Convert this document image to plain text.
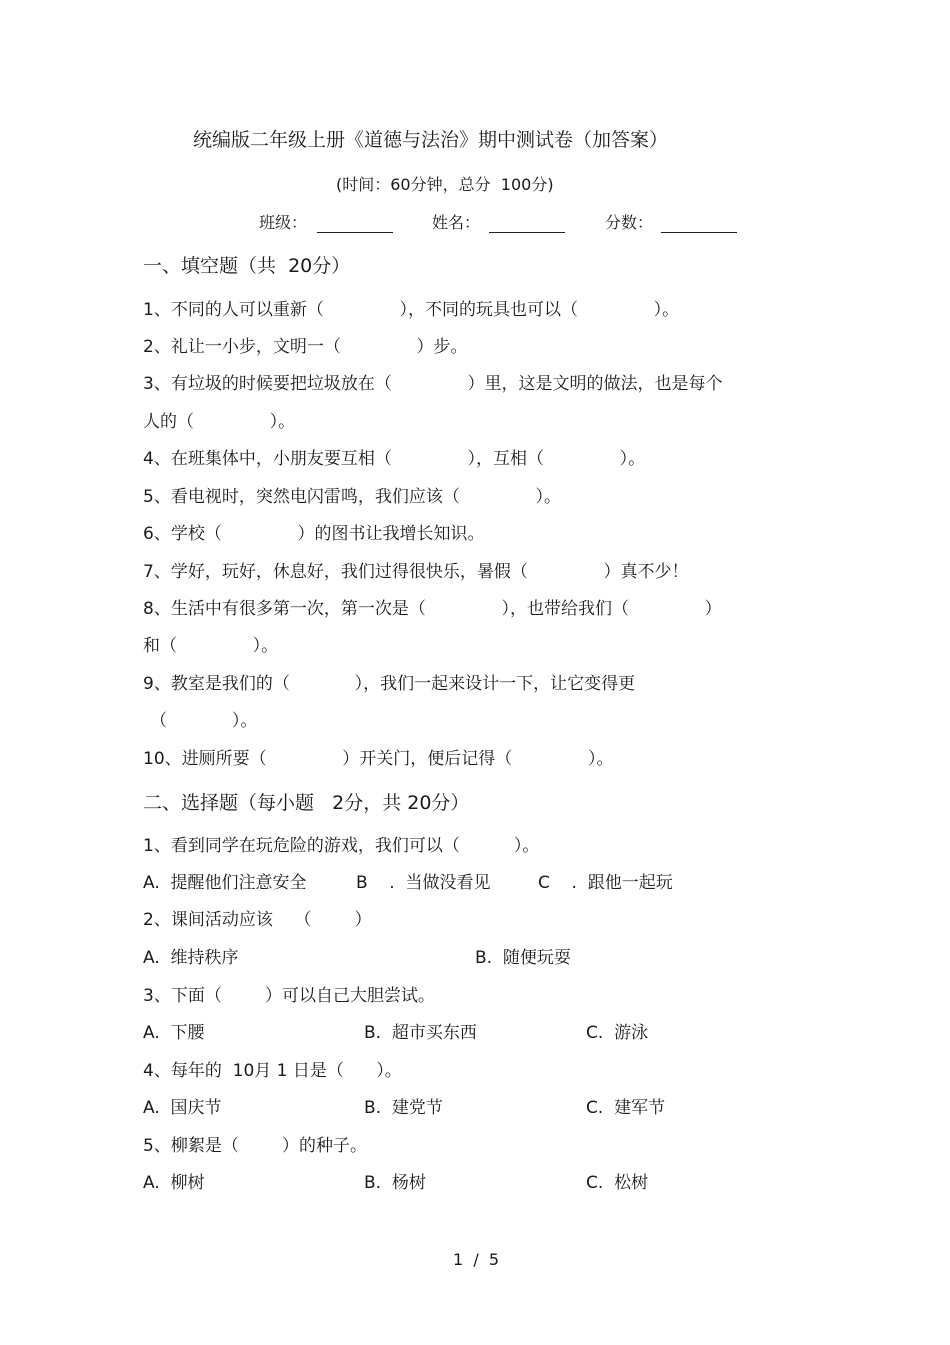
统编版二年级上册《道德与法治》期中测试卷（加答案）
(时间：60分钟，总分  100分)
班级：	姓名：	分数：
一、填空题（共  20分）
1、不同的人可以重新（              ），不同的玩具也可以（              ）。
2、礼让一小步，文明一（              ）步。
3、有垃圾的时候要把垃圾放在（              ）里，这是文明的做法，也是每个
人的（              ）。
4、在班集体中，小朋友要互相（              ），互相（              ）。
5、看电视时，突然电闪雷鸣，我们应该（              ）。
6、学校（              ）的图书让我增长知识。
7、学好，玩好，休息好，我们过得很快乐，暑假（              ）真不少！
8、生活中有很多第一次，第一次是（              ），也带给我们（              ）
和（              ）。
9、教室是我们的（            ），我们一起来设计一下，让它变得更
（            ）。
10、进厕所要（              ）开关门，便后记得（              ）。
二、选择题（每小题   2分，共 20分）
1、看到同学在玩危险的游戏，我们可以（          ）。
A.  提醒他们注意安全	B    .  当做没看见	C    .  跟他一起玩
2、课间活动应该    （        ）
A.  维持秩序	B.  随便玩耍
3、下面（        ）可以自己大胆尝试。
A.  下腰	B.  超市买东西	C.  游泳
4、每年的  10月 1 日是（      ）。
A.  国庆节	B.  建党节	C.  建军节
5、柳絮是（        ）的种子。
A.  柳树	B.  杨树	C.  松树
1  /  5
